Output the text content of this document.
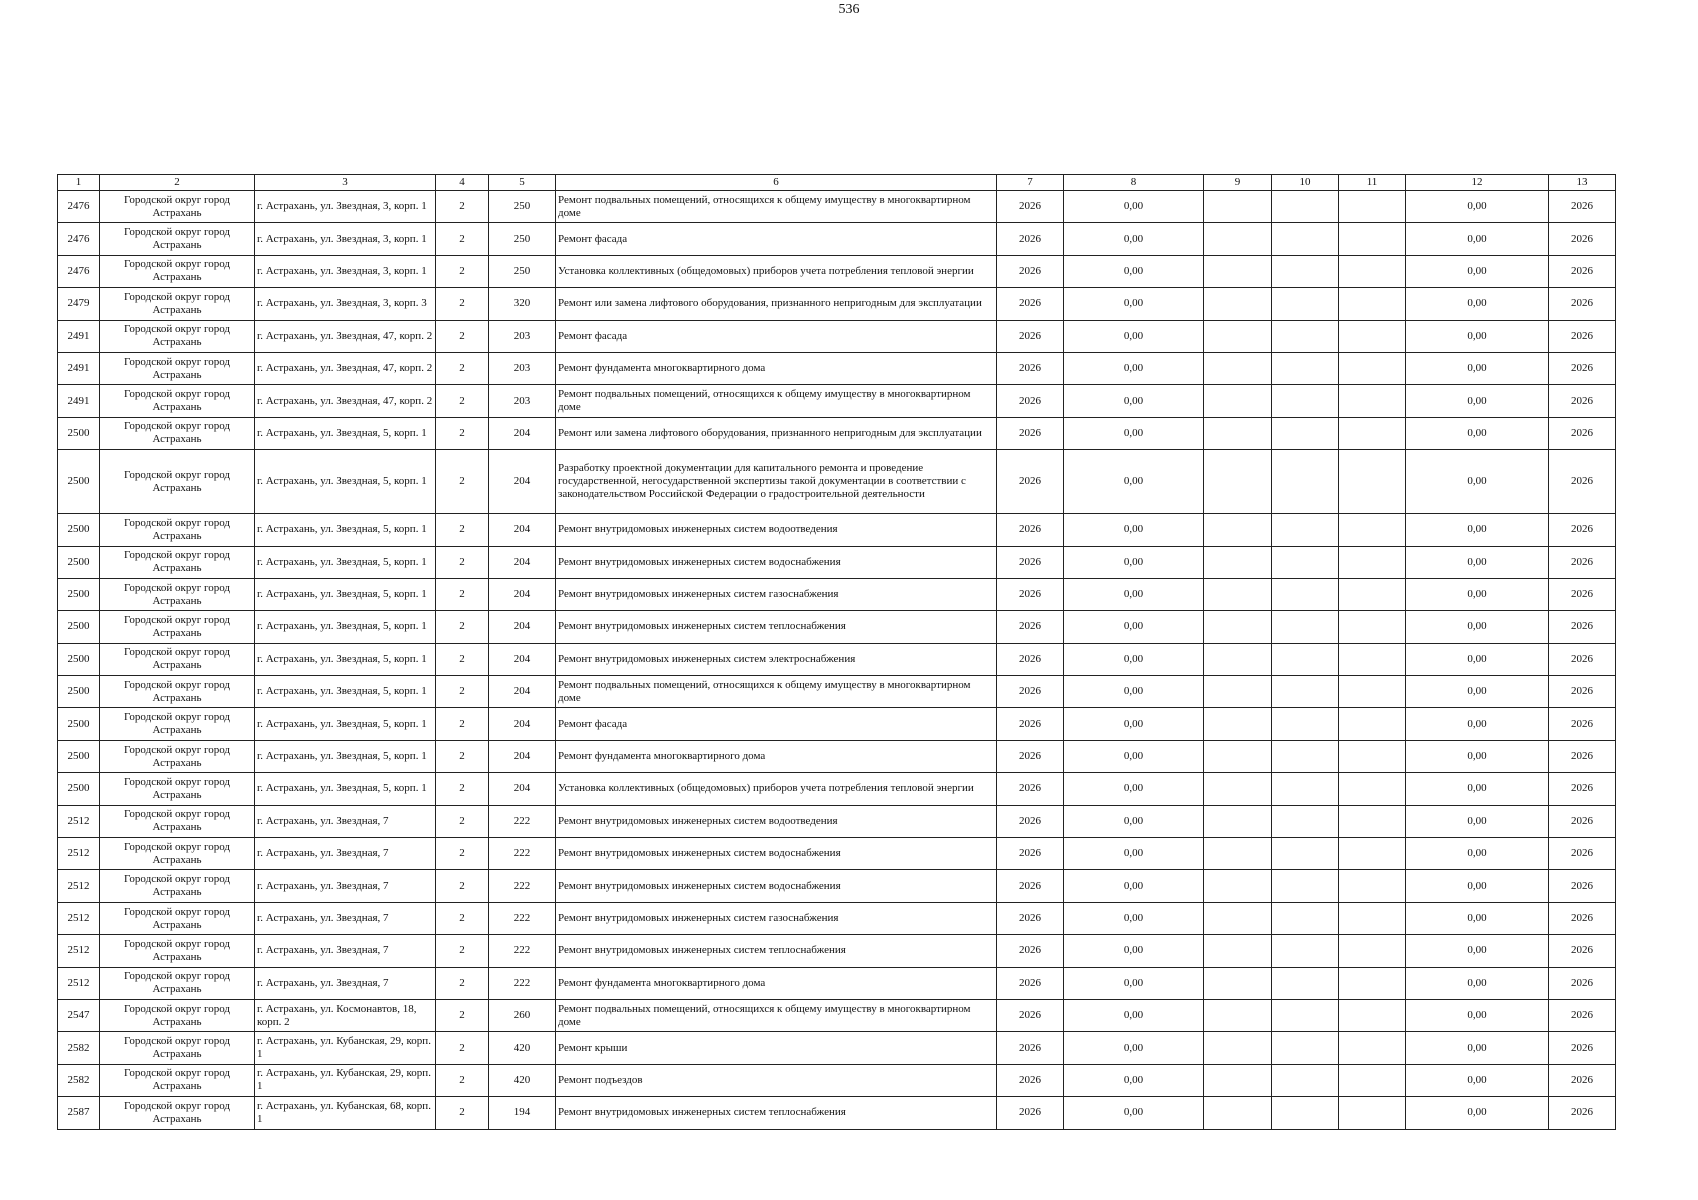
536
1	2	3	4	5	6	7	8	9	10	11	12	13
2476	Городской округ город Астрахань	г. Астрахань, ул. Звездная, 3, корп. 1	2	250	Ремонт подвальных помещений, относящихся к общему имуществу в многоквартирном доме	2026	0,00				0,00	2026
2476	Городской округ город Астрахань	г. Астрахань, ул. Звездная, 3, корп. 1	2	250	Ремонт фасада	2026	0,00				0,00	2026
2476	Городской округ город Астрахань	г. Астрахань, ул. Звездная, 3, корп. 1	2	250	Установка коллективных (общедомовых) приборов учета потребления тепловой энергии	2026	0,00				0,00	2026
2479	Городской округ город Астрахань	г. Астрахань, ул. Звездная, 3, корп. 3	2	320	Ремонт или замена лифтового оборудования, признанного непригодным для эксплуатации	2026	0,00				0,00	2026
2491	Городской округ город Астрахань	г. Астрахань, ул. Звездная, 47, корп. 2	2	203	Ремонт фасада	2026	0,00				0,00	2026
2491	Городской округ город Астрахань	г. Астрахань, ул. Звездная, 47, корп. 2	2	203	Ремонт фундамента многоквартирного дома	2026	0,00				0,00	2026
2491	Городской округ город Астрахань	г. Астрахань, ул. Звездная, 47, корп. 2	2	203	Ремонт подвальных помещений, относящихся к общему имуществу в многоквартирном доме	2026	0,00				0,00	2026
2500	Городской округ город Астрахань	г. Астрахань, ул. Звездная, 5, корп. 1	2	204	Ремонт или замена лифтового оборудования, признанного непригодным для эксплуатации	2026	0,00				0,00	2026
2500	Городской округ город Астрахань	г. Астрахань, ул. Звездная, 5, корп. 1	2	204	Разработку проектной документации для капитального ремонта и проведение государственной, негосударственной экспертизы такой документации в соответствии с законодательством Российской Федерации о градостроительной деятельности	2026	0,00				0,00	2026
2500	Городской округ город Астрахань	г. Астрахань, ул. Звездная, 5, корп. 1	2	204	Ремонт внутридомовых инженерных систем водоотведения	2026	0,00				0,00	2026
2500	Городской округ город Астрахань	г. Астрахань, ул. Звездная, 5, корп. 1	2	204	Ремонт внутридомовых инженерных систем водоснабжения	2026	0,00				0,00	2026
2500	Городской округ город Астрахань	г. Астрахань, ул. Звездная, 5, корп. 1	2	204	Ремонт внутридомовых инженерных систем газоснабжения	2026	0,00				0,00	2026
2500	Городской округ город Астрахань	г. Астрахань, ул. Звездная, 5, корп. 1	2	204	Ремонт внутридомовых инженерных систем теплоснабжения	2026	0,00				0,00	2026
2500	Городской округ город Астрахань	г. Астрахань, ул. Звездная, 5, корп. 1	2	204	Ремонт внутридомовых инженерных систем электроснабжения	2026	0,00				0,00	2026
2500	Городской округ город Астрахань	г. Астрахань, ул. Звездная, 5, корп. 1	2	204	Ремонт подвальных помещений, относящихся к общему имуществу в многоквартирном доме	2026	0,00				0,00	2026
2500	Городской округ город Астрахань	г. Астрахань, ул. Звездная, 5, корп. 1	2	204	Ремонт фасада	2026	0,00				0,00	2026
2500	Городской округ город Астрахань	г. Астрахань, ул. Звездная, 5, корп. 1	2	204	Ремонт фундамента многоквартирного дома	2026	0,00				0,00	2026
2500	Городской округ город Астрахань	г. Астрахань, ул. Звездная, 5, корп. 1	2	204	Установка коллективных (общедомовых) приборов учета потребления тепловой энергии	2026	0,00				0,00	2026
2512	Городской округ город Астрахань	г. Астрахань, ул. Звездная, 7	2	222	Ремонт внутридомовых инженерных систем водоотведения	2026	0,00				0,00	2026
2512	Городской округ город Астрахань	г. Астрахань, ул. Звездная, 7	2	222	Ремонт внутридомовых инженерных систем водоснабжения	2026	0,00				0,00	2026
2512	Городской округ город Астрахань	г. Астрахань, ул. Звездная, 7	2	222	Ремонт внутридомовых инженерных систем водоснабжения	2026	0,00				0,00	2026
2512	Городской округ город Астрахань	г. Астрахань, ул. Звездная, 7	2	222	Ремонт внутридомовых инженерных систем газоснабжения	2026	0,00				0,00	2026
2512	Городской округ город Астрахань	г. Астрахань, ул. Звездная, 7	2	222	Ремонт внутридомовых инженерных систем теплоснабжения	2026	0,00				0,00	2026
2512	Городской округ город Астрахань	г. Астрахань, ул. Звездная, 7	2	222	Ремонт фундамента многоквартирного дома	2026	0,00				0,00	2026
2547	Городской округ город Астрахань	г. Астрахань, ул. Космонавтов, 18, корп. 2	2	260	Ремонт подвальных помещений, относящихся к общему имуществу в многоквартирном доме	2026	0,00				0,00	2026
2582	Городской округ город Астрахань	г. Астрахань, ул. Кубанская, 29, корп. 1	2	420	Ремонт крыши	2026	0,00				0,00	2026
2582	Городской округ город Астрахань	г. Астрахань, ул. Кубанская, 29, корп. 1	2	420	Ремонт подъездов	2026	0,00				0,00	2026
2587	Городской округ город Астрахань	г. Астрахань, ул. Кубанская, 68, корп. 1	2	194	Ремонт внутридомовых инженерных систем теплоснабжения	2026	0,00				0,00	2026
